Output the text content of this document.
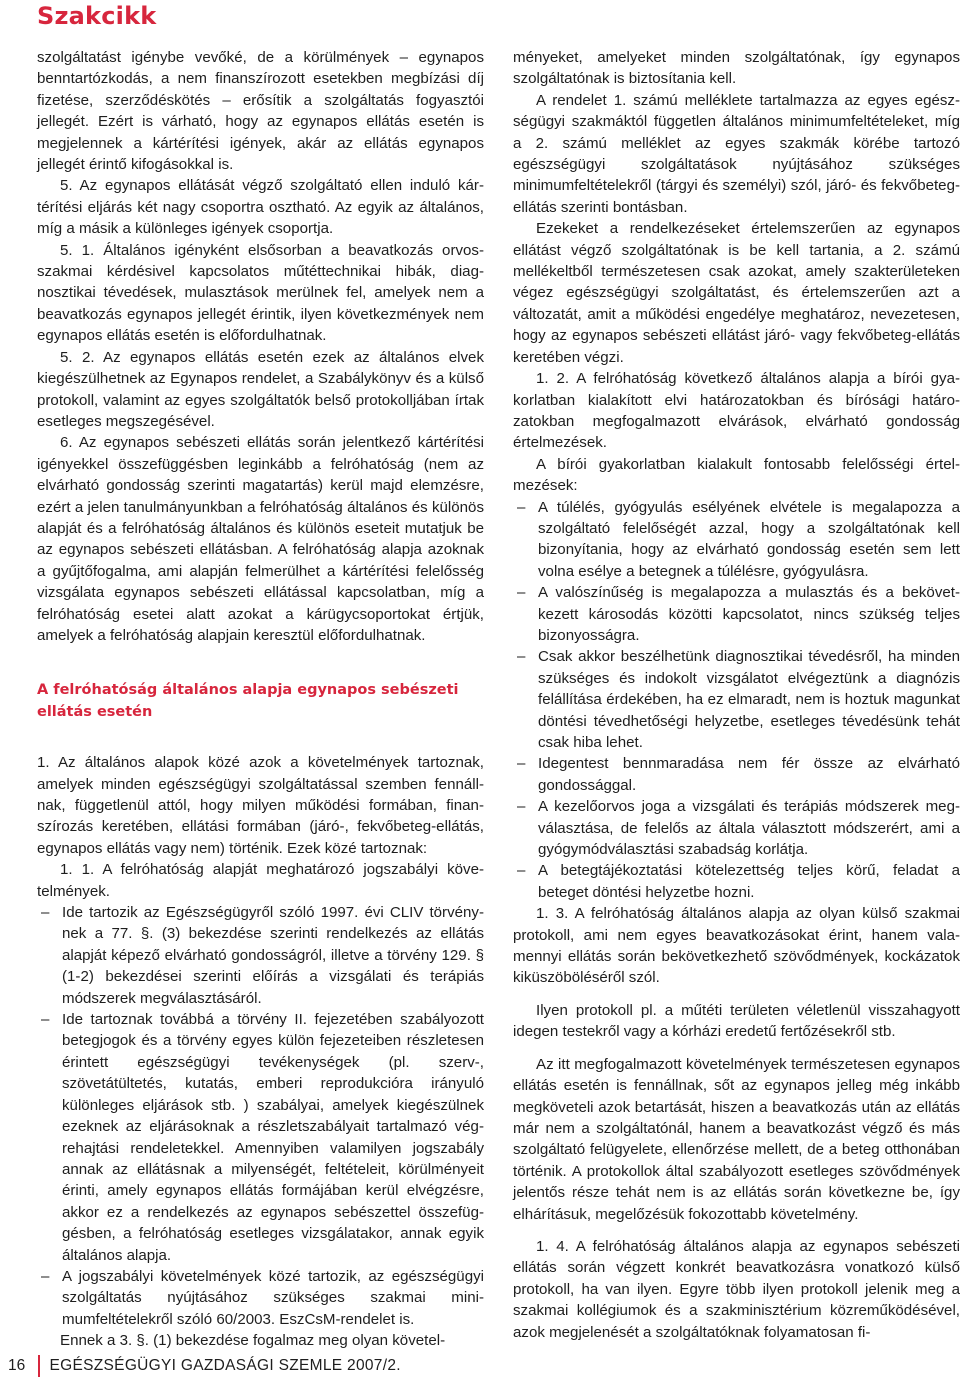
Szakcikk

szolgáltatást igénybe vevőké, de a körülmények – egynapos benntartózkodás, a nem finanszírozott esetekben megbízási díj fizetése, szerződéskötés – erősítik a szolgáltatás fogyasztói jellegét. Ezért is várható, hogy az egynapos ellátás esetén is megjelennek a kártérítési igények, akár az ellátás egynapos jellegét érintő kifogásokkal is.

5. Az egynapos ellátását végző szolgáltató ellen induló kártérítési eljárás két nagy csoportra osztható. Az egyik az általános, míg a másik a különleges igények csoportja.

5. 1. Általános igényként elsősorban a beavatkozás orvosszakmai kérdésivel kapcsolatos műtéttechnikai hibák, diagnosztikai tévedések, mulasztások merülnek fel, amelyek nem a beavatkozás egynapos jellegét érintik, ilyen következmények nem egynapos ellátás esetén is előfordulhatnak.

5. 2. Az egynapos ellátás esetén ezek az általános elvek kiegészülhetnek az Egynapos rendelet, a Szabálykönyv és a külső protokoll, valamint az egyes szolgáltatók belső protokolljában írtak esetleges megszegésével.

6. Az egynapos sebészeti ellátás során jelentkező kártérítési igényekkel összefüggésben leginkább a felróhatóság (nem az elvárható gondosság szerinti magatartás) kerül majd elemzésre, ezért a jelen tanulmányunkban a felróhatóság általános és különös alapját és a felróhatóság általános és különös eseteit mutatjuk be az egynapos sebészeti ellátásban. A felróhatóság alapja azoknak a gyűjtőfogalma, ami alapján felmerülhet a kártérítési felelősség vizsgálata egynapos sebészeti ellátással kapcsolatban, míg a felróhatóság esetei alatt azokat a kárügycsoportokat értjük, amelyek a felróhatóság alapjain keresztül előfordulhatnak.

A felróhatóság általános alapja egynapos sebészeti ellátás esetén

1. Az általános alapok közé azok a követelmények tartoznak, amelyek minden egészségügyi szolgáltatással szemben fennállnak, függetlenül attól, hogy milyen működési formában, finanszírozás keretében, ellátási formában (járó-, fekvőbeteg-ellátás, egynapos ellátás vagy nem) történik. Ezek közé tartoznak:

1. 1. A felróhatóság alapját meghatározó jogszabályi követelmények.

– Ide tartozik az Egészségügyről szóló 1997. évi CLIV törvénynek a 77. §. (3) bekezdése szerinti rendelkezés az ellátás alapját képező elvárható gondosságról, illetve a törvény 129. § (1-2) bekezdései szerinti előírás a vizsgálati és terápiás módszerek megválasztásáról.

– Ide tartoznak továbbá a törvény II. fejezetében szabályozott betegjogok és a törvény egyes külön fejezeteiben részletesen érintett egészségügyi tevékenységek (pl. szerv-, szövetátültetés, kutatás, emberi reprodukcióra irányuló különleges eljárások stb. ) szabályai, amelyek kiegészülnek ezeknek az eljárásoknak a részletszabályait tartalmazó végrehajtási rendeletekkel. Amennyiben valamilyen jogszabály annak az ellátásnak a milyenségét, feltételeit, körülményeit érinti, amely egynapos ellátás formájában kerül elvégzésre, akkor ez a rendelkezés az egynapos sebészettel összefüggésben, a felróhatóság esetleges vizsgálatakor, annak egyik általános alapja.

– A jogszabályi követelmények közé tartozik, az egészségügyi szolgáltatás nyújtásához szükséges szakmai minimumfeltételekről szóló 60/2003. EszCsM-rendelet is.

Ennek a 3. §. (1) bekezdése fogalmaz meg olyan követel-

ményeket, amelyeket minden szolgáltatónak, így egynapos szolgáltatónak is biztosítania kell.

A rendelet 1. számú melléklete tartalmazza az egyes egészségügyi szakmáktól független általános minimumfeltételeket, míg a 2. számú melléklet az egyes szakmák körébe tartozó egészségügyi szolgáltatások nyújtásához szükséges minimumfeltételekről (tárgyi és személyi) szól, járó- és fekvőbeteg-ellátás szerinti bontásban.

Ezekeket a rendelkezéseket értelemszerűen az egynapos ellátást végző szolgáltatónak is be kell tartania, a 2. számú mellékeltből természetesen csak azokat, amely szakterületeken végez egészségügyi szolgáltatást, és értelemszerűen azt a változatát, amit a működési engedélye meghatároz, nevezetesen, hogy az egynapos sebészeti ellátást járó- vagy fekvőbeteg-ellátás keretében végzi.

1. 2. A felróhatóság következő általános alapja a bírói gyakorlatban kialakított elvi határozatokban és bírósági határozatokban megfogalmazott elvárások, elvárható gondosság értelmezések.

A bírói gyakorlatban kialakult fontosabb felelősségi értelmezések:

– A túlélés, gyógyulás esélyének elvétele is megalapozza a szolgáltató felelőségét azzal, hogy a szolgáltatónak kell bizonyítania, hogy az elvárható gondosság esetén sem lett volna esélye a betegnek a túlélésre, gyógyulásra.

– A valószínűség is megalapozza a mulasztás és a bekövetkezett károsodás közötti kapcsolatot, nincs szükség teljes bizonyosságra.

– Csak akkor beszélhetünk diagnosztikai tévedésről, ha minden szükséges és indokolt vizsgálatot elvégeztünk a diagnózis felállítása érdekében, ha ez elmaradt, nem is hoztuk magunkat döntési tévedhetőségi helyzetbe, esetleges tévedésünk tehát csak hiba lehet.

– Idegentest bennmaradása nem fér össze az elvárható gondossággal.

– A kezelőorvos joga a vizsgálati és terápiás módszerek megválasztása, de felelős az általa választott módszerért, ami a gyógymódválasztási szabadság korlátja.

– A betegtájékoztatási kötelezettség teljes körű, feladat a beteget döntési helyzetbe hozni.

1. 3. A felróhatóság általános alapja az olyan külső szakmai protokoll, ami nem egyes beavatkozásokat érint, hanem valamennyi ellátás során bekövetkezhető szövődmények, kockázatok kiküszöböléséről szól.

Ilyen protokoll pl. a műtéti területen véletlenül visszahagyott idegen testekről vagy a kórházi eredetű fertőzésekről stb.

Az itt megfogalmazott követelmények természetesen egynapos ellátás esetén is fennállnak, sőt az egynapos jelleg még inkább megköveteli azok betartását, hiszen a beavatkozás után az ellátás már nem a szolgáltatónál, hanem a beavatkozást végző és más szolgáltató felügyelete, ellenőrzése mellett, de a beteg otthonában történik. A protokollok által szabályozott esetleges szövődmények jelentős része tehát nem is az ellátás során következne be, így elhárításuk, megelőzésük fokozottabb követelmény.

1. 4. A felróhatóság általános alapja az egynapos sebészeti ellátás során végzett konkrét beavatkozásra vonatkozó külső protokoll, ha van ilyen. Egyre több ilyen protokoll jelenik meg a szakmai kollégiumok és a szakminisztérium közreműködésével, azok megjelenését a szolgáltatóknak folyamatosan fi-

16	EGÉSZSÉGÜGYI GAZDASÁGI SZEMLE 2007/2.
